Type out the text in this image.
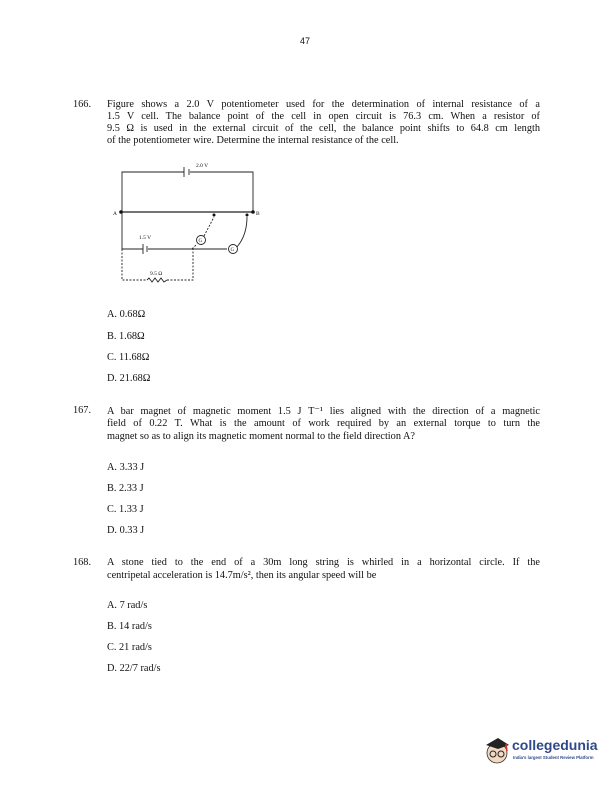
47
166. Figure shows a 2.0 V potentiometer used for the determination of internal resistance of a
1.5 V cell. The balance point of the cell in open circuit is 76.3 cm. When a resistor of
9.5 Ω is used in the external circuit of the cell, the balance point shifts to 64.8 cm length
of the potentiometer wire. Determine the internal resistance of the cell.
2.0 V
A	B
1.5 V
9.5 Ω
G
G
A. 0.68Ω
B. 1.68Ω
C. 11.68Ω
D. 21.68Ω
167. A bar magnet of magnetic moment 1.5 J T⁻¹ lies aligned with the direction of a magnetic
field of 0.22 T. What is the amount of work required by an external torque to turn the
magnet so as to align its magnetic moment normal to the field direction A?
A. 3.33 J
B. 2.33 J
C. 1.33 J
D. 0.33 J
168. A stone tied to the end of a 30m long string is whirled in a horizontal circle. If the
centripetal acceleration is 14.7m/s², then its angular speed will be
A. 7 rad/s
B. 14 rad/s
C. 21 rad/s
D. 22/7 rad/s
collegedunia
India's largest Student Review Platform
